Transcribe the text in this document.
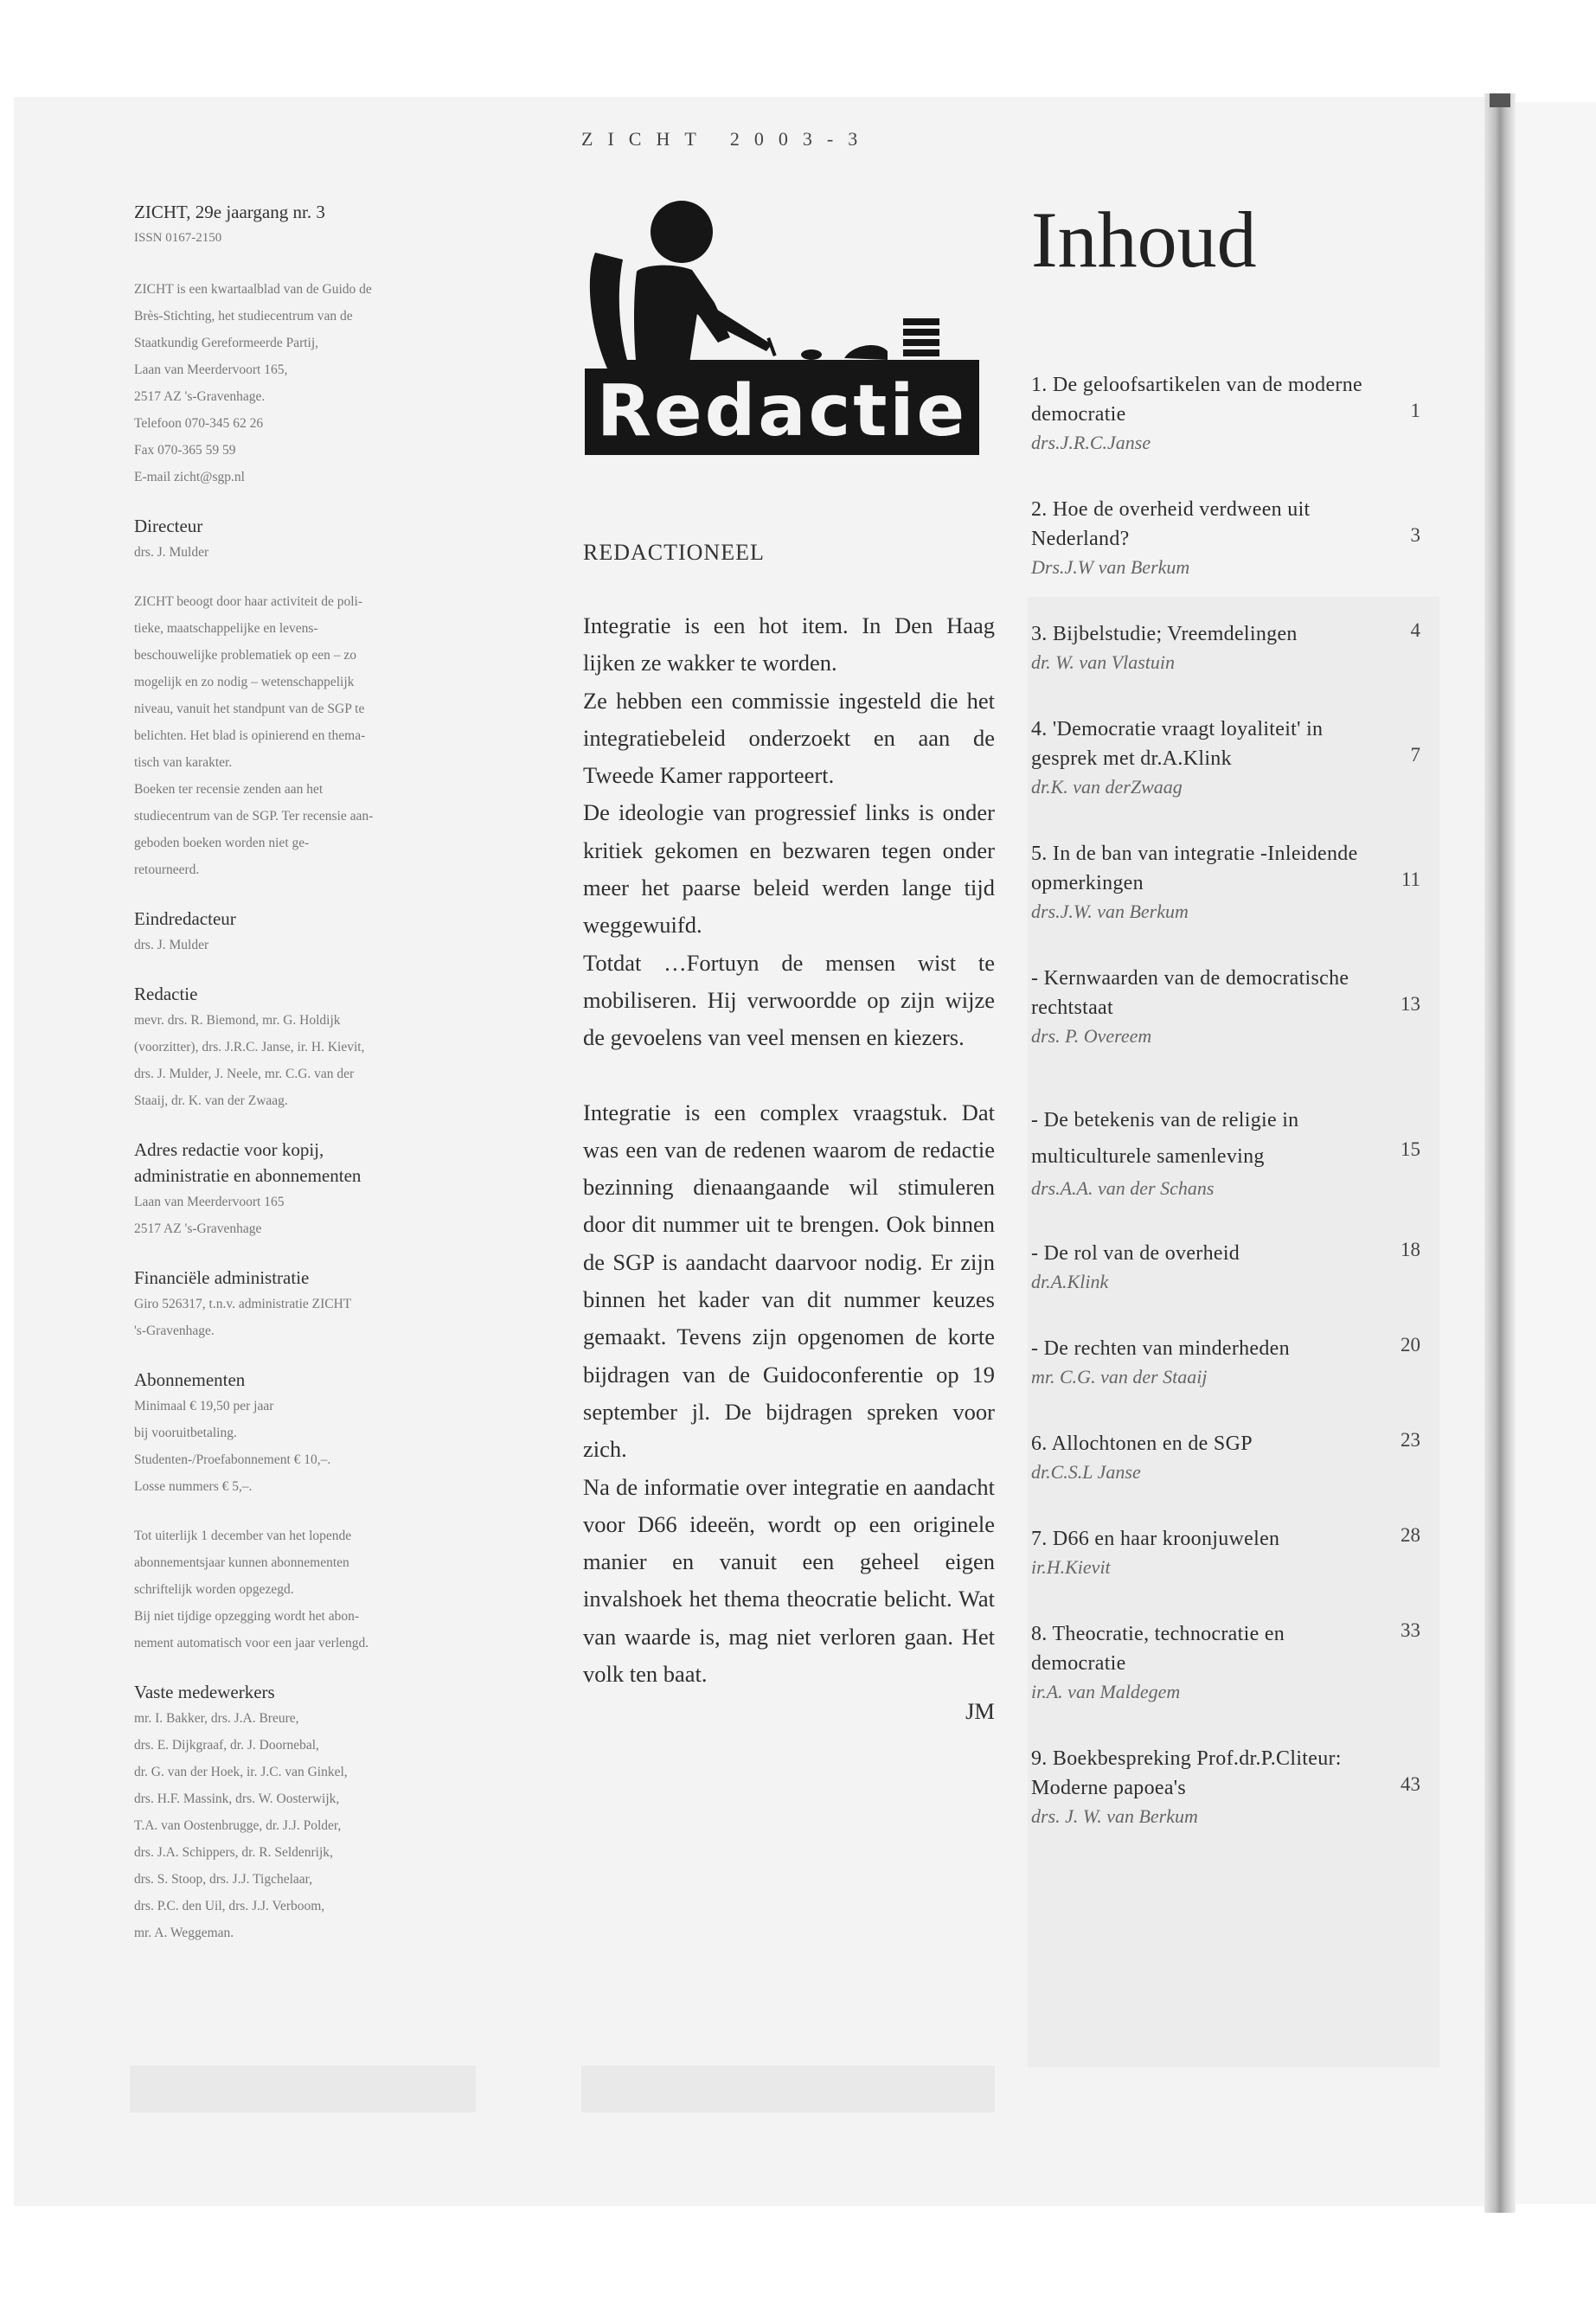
ZICHT 2003-3
ZICHT, 29e jaargang nr. 3
ISSN 0167-2150

ZICHT is een kwartaalblad van de Guido de

Brès-Stichting, het studiecentrum van de

Staatkundig Gereformeerde Partij,

Laan van Meerdervoort 165,

2517 AZ 's-Gravenhage.

Telefoon 070-345 62 26

Fax 070-365 59 59

E-mail zicht@sgp.nl

Directeur

drs. J. Mulder

ZICHT beoogt door haar activiteit de poli-

tieke, maatschappelijke en levens-

beschouwelijke problematiek op een – zo

mogelijk en zo nodig – wetenschappelijk

niveau, vanuit het standpunt van de SGP te

belichten. Het blad is opinierend en thema-

tisch van karakter.

Boeken ter recensie zenden aan het

studiecentrum van de SGP. Ter recensie aan-

geboden boeken worden niet ge-

retourneerd.

Eindredacteur

drs. J. Mulder

Redactie

mevr. drs. R. Biemond, mr. G. Holdijk

(voorzitter), drs. J.R.C. Janse, ir. H. Kievit,

drs. J. Mulder, J. Neele, mr. C.G. van der

Staaij, dr. K. van der Zwaag.

Adres redactie voor kopij,
administratie en abonnementen

Laan van Meerdervoort 165

2517 AZ 's-Gravenhage

Financiële administratie

Giro 526317, t.n.v. administratie ZICHT

's-Gravenhage.

Abonnementen

Minimaal € 19,50 per jaar

bij vooruitbetaling.

Studenten-/Proefabonnement € 10,–.

Losse nummers € 5,–.

Tot uiterlijk 1 december van het lopende

abonnementsjaar kunnen abonnementen

schriftelijk worden opgezegd.

Bij niet tijdige opzegging wordt het abon-

nement automatisch voor een jaar verlengd.

Vaste medewerkers

mr. I. Bakker, drs. J.A. Breure,

drs. E. Dijkgraaf, dr. J. Doornebal,

dr. G. van der Hoek, ir. J.C. van Ginkel,

drs. H.F. Massink, drs. W. Oosterwijk,

T.A. van Oostenbrugge, dr. J.J. Polder,

drs. J.A. Schippers, dr. R. Seldenrijk,

drs. S. Stoop, drs. J.J. Tigchelaar,

drs. P.C. den Uil, drs. J.J. Verboom,

mr. A. Weggeman.

Redactie
REDACTIONEEL

Integratie is een hot item. In Den Haag lijken ze wakker te worden.

Ze hebben een commissie ingesteld die het integratiebeleid onderzoekt en aan de Tweede Kamer rapporteert.

De ideologie van progressief links is onder kritiek gekomen en bezwaren tegen onder meer het paarse beleid werden lange tijd weggewuifd.

Totdat …Fortuyn de mensen wist te mobiliseren. Hij verwoordde op zijn wijze de gevoelens van veel mensen en kiezers.

Integratie is een complex vraagstuk. Dat was een van de redenen waarom de redactie bezinning dienaangaande wil stimuleren door dit nummer uit te brengen. Ook binnen de SGP is aandacht daarvoor nodig. Er zijn binnen het kader van dit nummer keuzes gemaakt. Tevens zijn opgenomen de korte bijdragen van de Guidoconferentie op 19 september jl. De bijdragen spreken voor zich.

Na de informatie over integratie en aandacht voor D66 ideeën, wordt op een originele manier en vanuit een geheel eigen invalshoek het thema theocratie belicht. Wat van waarde is, mag niet verloren gaan. Het volk ten baat.

JM

Inhoud
1. De geloofsartikelen van de moderne democratie
drs.J.R.C.Janse
1
2. Hoe de overheid verdween uit Nederland?
Drs.J.W van Berkum
3
3. Bijbelstudie; Vreemdelingen
dr. W. van Vlastuin
4
4. 'Democratie vraagt loyaliteit' in gesprek met dr.A.Klink
dr.K. van derZwaag
7
5. In de ban van integratie -Inleidende opmerkingen
drs.J.W. van Berkum
11
- Kernwaarden van de democratische rechtstaat
drs. P. Overeem
13
- De betekenis van de religie in multiculturele samenleving
drs.A.A. van der Schans
15
- De rol van de overheid
dr.A.Klink
18
- De rechten van minderheden
mr. C.G. van der Staaij
20
6. Allochtonen en de SGP
dr.C.S.L Janse
23
7. D66 en haar kroonjuwelen
ir.H.Kievit
28
8. Theocratie, technocratie en democratie
ir.A. van Maldegem
33
9. Boekbespreking Prof.dr.P.Cliteur: Moderne papoea's
drs. J. W. van Berkum
43
